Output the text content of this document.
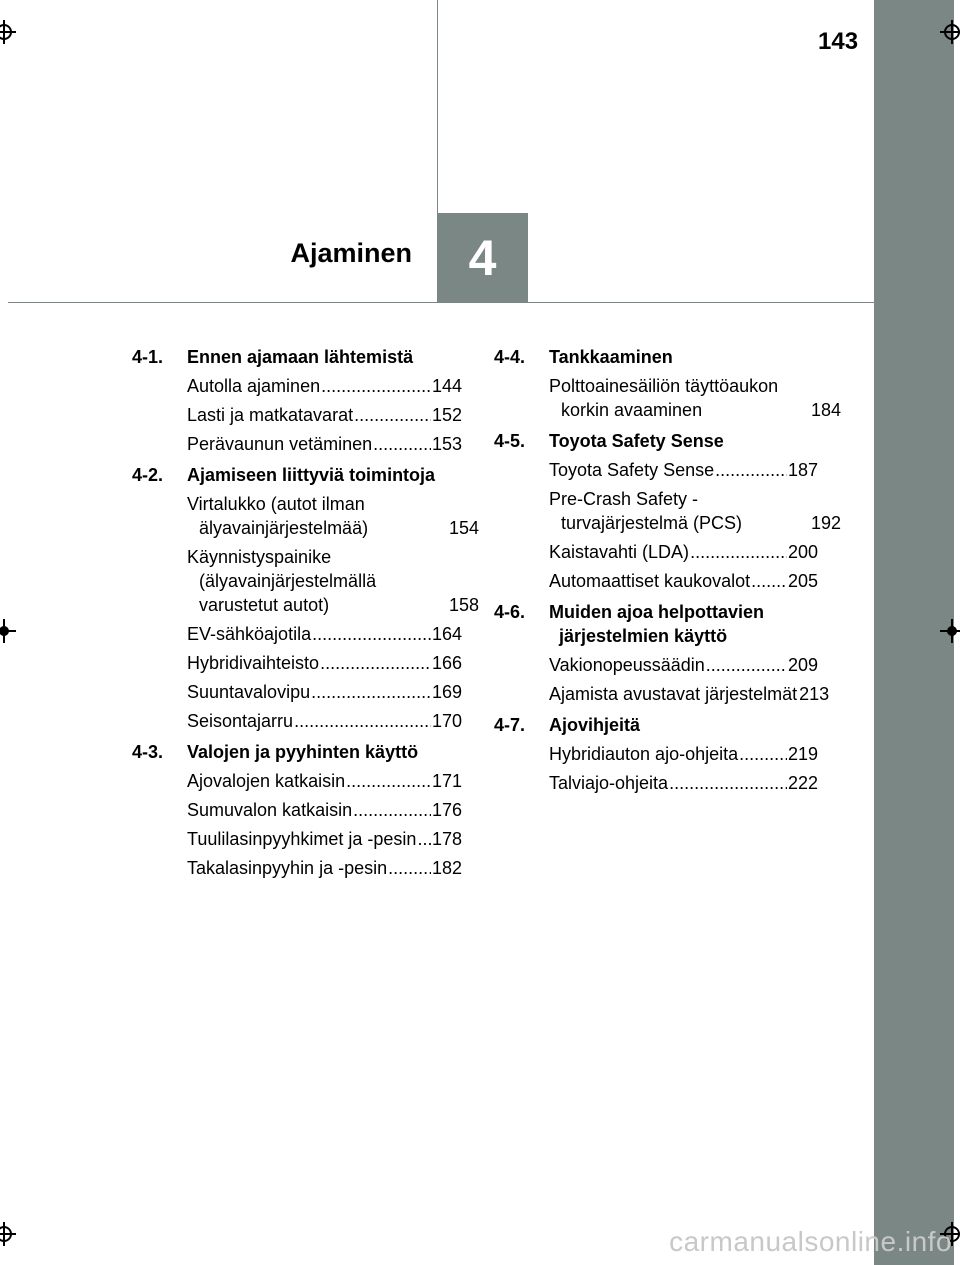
4
Ajaminen
143
4-1.	Ennen ajamaan lähtemistä
Autolla ajaminen .....	144
Lasti ja matkatavarat .....	152
Perävaunun vetäminen .....	153
4-2.	Ajamiseen liittyviä toimintoja
Virtalukko (autot ilman älyavainjärjestelmää)	154
Käynnistyspainike (älyavainjärjestelmällä varustetut autot)	158
EV-sähköajotila .....	164
Hybridivaihteisto .....	166
Suuntavalovipu .....	169
Seisontajarru .....	170
4-3.	Valojen ja pyyhinten käyttö
Ajovalojen katkaisin .....	171
Sumuvalon katkaisin .....	176
Tuulilasinpyyhkimet ja -pesin ..... 178
Takalasinpyyhin ja -pesin ..... 182
4-4.	Tankkaaminen
Polttoainesäiliön täyttöaukon korkin avaaminen	184
4-5.	Toyota Safety Sense
Toyota Safety Sense .....	187
Pre-Crash Safety -turvajärjestelmä (PCS)	192
Kaistavahti (LDA) .....	200
Automaattiset kaukovalot ..... 205
4-6.	Muiden ajoa helpottavien järjestelmien käyttö
Vakionopeussäädin .....	209
Ajamista avustavat järjestelmät 213
4-7.	Ajovihjeitä
Hybridiauton ajo-ohjeita .....	219
Talviajo-ohjeita .....	222
carmanualsonline.info
